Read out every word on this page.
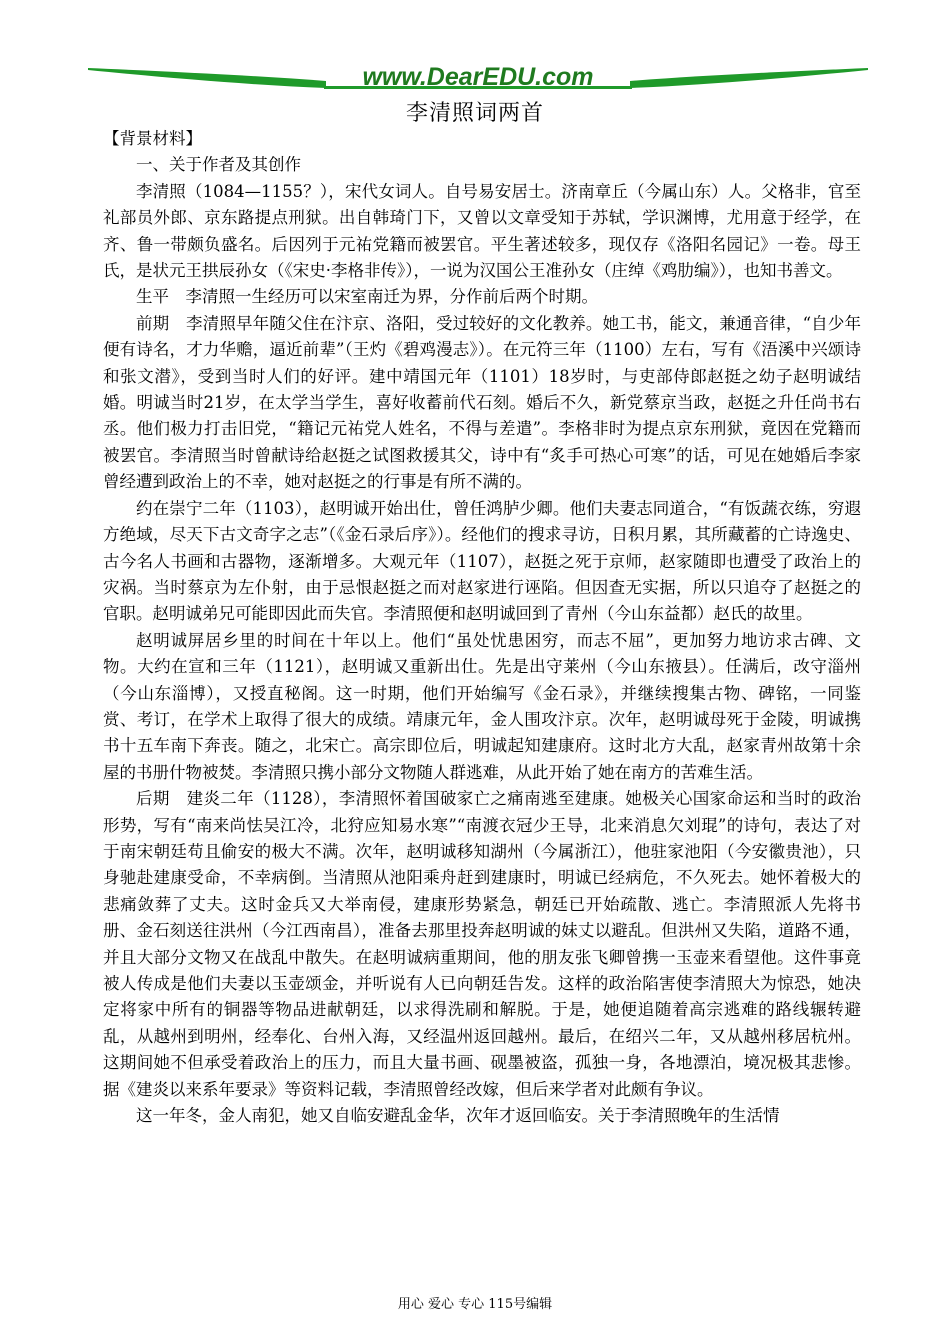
www.DearEDU.com
李清照词两首

【背景材料】

一、关于作者及其创作

李清照（1084—1155？），宋代女词人。自号易安居士。济南章丘（今属山东）人。父格非，官至礼部员外郎、京东路提点刑狱。出自韩琦门下，又曾以文章受知于苏轼，学识渊博，尤用意于经学，在齐、鲁一带颇负盛名。后因列于元祐党籍而被罢官。平生著述较多，现仅存《洛阳名园记》一卷。母王氏，是状元王拱辰孙女（《宋史·李格非传》），一说为汉国公王准孙女（庄绰《鸡肋编》），也知书善文。

生平　李清照一生经历可以宋室南迁为界，分作前后两个时期。

前期　李清照早年随父住在汴京、洛阳，受过较好的文化教养。她工书，能文，兼通音律，“自少年便有诗名，才力华赡，逼近前辈”（王灼《碧鸡漫志》）。在元符三年（1100）左右，写有《浯溪中兴颂诗和张文潜》，受到当时人们的好评。建中靖国元年（1101）18岁时，与吏部侍郎赵挺之幼子赵明诚结婚。明诚当时21岁，在太学当学生，喜好收蓄前代石刻。婚后不久，新党蔡京当政，赵挺之升任尚书右丞。他们极力打击旧党，“籍记元祐党人姓名，不得与差遣”。李格非时为提点京东刑狱，竟因在党籍而被罢官。李清照当时曾献诗给赵挺之试图救援其父，诗中有“炙手可热心可寒”的话，可见在她婚后李家曾经遭到政治上的不幸，她对赵挺之的行事是有所不满的。

约在崇宁二年（1103），赵明诚开始出仕，曾任鸿胪少卿。他们夫妻志同道合，“有饭蔬衣练，穷遐方绝域，尽天下古文奇字之志”（《金石录后序》）。经他们的搜求寻访，日积月累，其所藏蓄的亡诗逸史、古今名人书画和古器物，逐渐增多。大观元年（1107），赵挺之死于京师，赵家随即也遭受了政治上的灾祸。当时蔡京为左仆射，由于忌恨赵挺之而对赵家进行诬陷。但因查无实据，所以只追夺了赵挺之的官职。赵明诚弟兄可能即因此而失官。李清照便和赵明诚回到了青州（今山东益都）赵氏的故里。

赵明诚屏居乡里的时间在十年以上。他们“虽处忧患困穷，而志不屈”，更加努力地访求古碑、文物。大约在宣和三年（1121），赵明诚又重新出仕。先是出守莱州（今山东掖县）。任满后，改守淄州（今山东淄博），又授直秘阁。这一时期，他们开始编写《金石录》，并继续搜集古物、碑铭，一同鉴赏、考订，在学术上取得了很大的成绩。靖康元年，金人围攻汴京。次年，赵明诚母死于金陵，明诚携书十五车南下奔丧。随之，北宋亡。高宗即位后，明诚起知建康府。这时北方大乱，赵家青州故第十余屋的书册什物被焚。李清照只携小部分文物随人群逃难，从此开始了她在南方的苦难生活。

后期　建炎二年（1128），李清照怀着国破家亡之痛南逃至建康。她极关心国家命运和当时的政治形势，写有“南来尚怯吴江冷，北狩应知易水寒”“南渡衣冠少王导，北来消息欠刘琨”的诗句，表达了对于南宋朝廷苟且偷安的极大不满。次年，赵明诚移知湖州（今属浙江），他驻家池阳（今安徽贵池），只身驰赴建康受命，不幸病倒。当清照从池阳乘舟赶到建康时，明诚已经病危，不久死去。她怀着极大的悲痛敛葬了丈夫。这时金兵又大举南侵，建康形势紧急，朝廷已开始疏散、逃亡。李清照派人先将书册、金石刻送往洪州（今江西南昌），准备去那里投奔赵明诚的妹丈以避乱。但洪州又失陷，道路不通，并且大部分文物又在战乱中散失。在赵明诚病重期间，他的朋友张飞卿曾携一玉壶来看望他。这件事竟被人传成是他们夫妻以玉壶颂金，并听说有人已向朝廷告发。这样的政治陷害使李清照大为惊恐，她决定将家中所有的铜器等物品进献朝廷，以求得洗刷和解脱。于是，她便追随着高宗逃难的路线辗转避乱，从越州到明州，经奉化、台州入海，又经温州返回越州。最后，在绍兴二年，又从越州移居杭州。这期间她不但承受着政治上的压力，而且大量书画、砚墨被盗，孤独一身，各地漂泊，境况极其悲惨。据《建炎以来系年要录》等资料记载，李清照曾经改嫁，但后来学者对此颇有争议。

这一年冬，金人南犯，她又自临安避乱金华，次年才返回临安。关于李清照晚年的生活情

用心 爱心 专心 115号编辑
